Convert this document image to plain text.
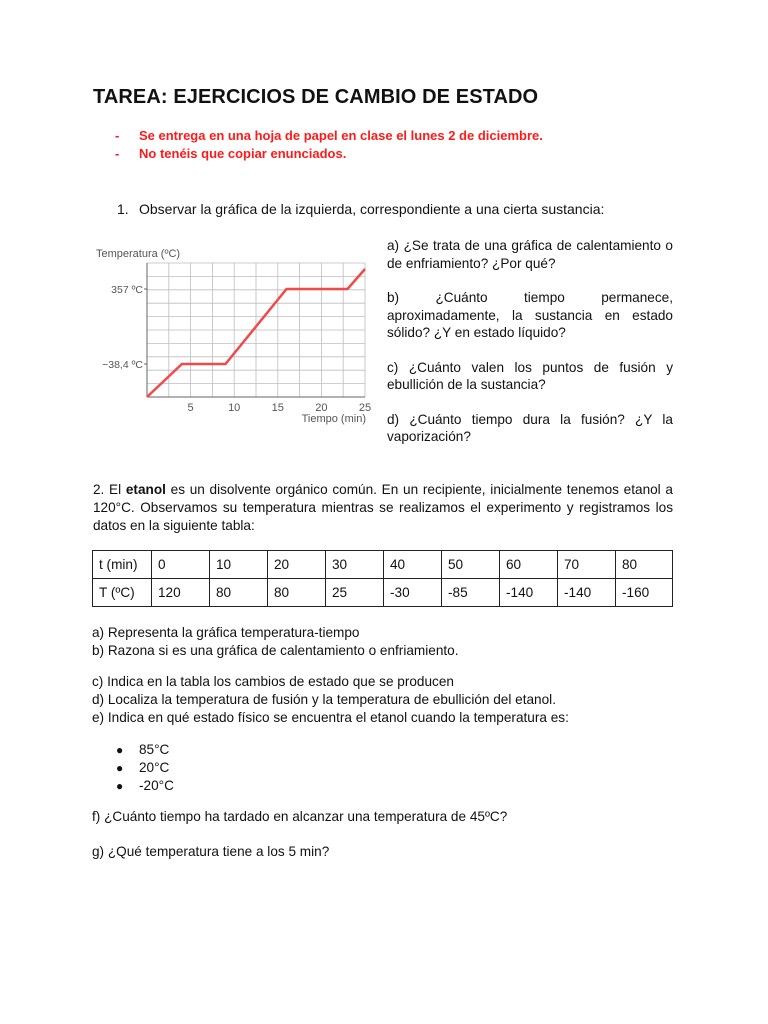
TAREA: EJERCICIOS DE CAMBIO DE ESTADO
- Se entrega en una hoja de papel en clase el lunes 2 de diciembre.
- No tenéis que copiar enunciados.
1. Observar la gráfica de la izquierda, correspondiente a una cierta sustancia:
Temperatura (ºC)
Tiempo (min)
5	10	15	20	25
357 ºC
−38,4 ºC

a) ¿Se trata de una gráfica de calentamiento o de enfriamiento? ¿Por qué?

b) ¿Cuánto tiempo permanece, aproximadamente, la sustancia en estado sólido? ¿Y en estado líquido?

c) ¿Cuánto valen los puntos de fusión y ebullición de la sustancia?

d) ¿Cuánto tiempo dura la fusión? ¿Y la vaporización?

2. El etanol es un disolvente orgánico común. En un recipiente, inicialmente tenemos etanol a 120°C. Observamos su temperatura mientras se realizamos el experimento y registramos los datos en la siguiente tabla:

t (min)	0	10	20	30	40	50	60	70	80
T (ºC)	120	80	80	25	-30	-85	-140	-140	-160
a) Representa la gráfica temperatura-tiempo
b) Razona si es una gráfica de calentamiento o enfriamiento.
c) Indica en la tabla los cambios de estado que se producen
d) Localiza la temperatura de fusión y la temperatura de ebullición del etanol.
e) Indica en qué estado físico se encuentra el etanol cuando la temperatura es:
● 85°C
● 20°C
● -20°C

f) ¿Cuánto tiempo ha tardado en alcanzar una temperatura de 45ºC?

g) ¿Qué temperatura tiene a los 5 min?
